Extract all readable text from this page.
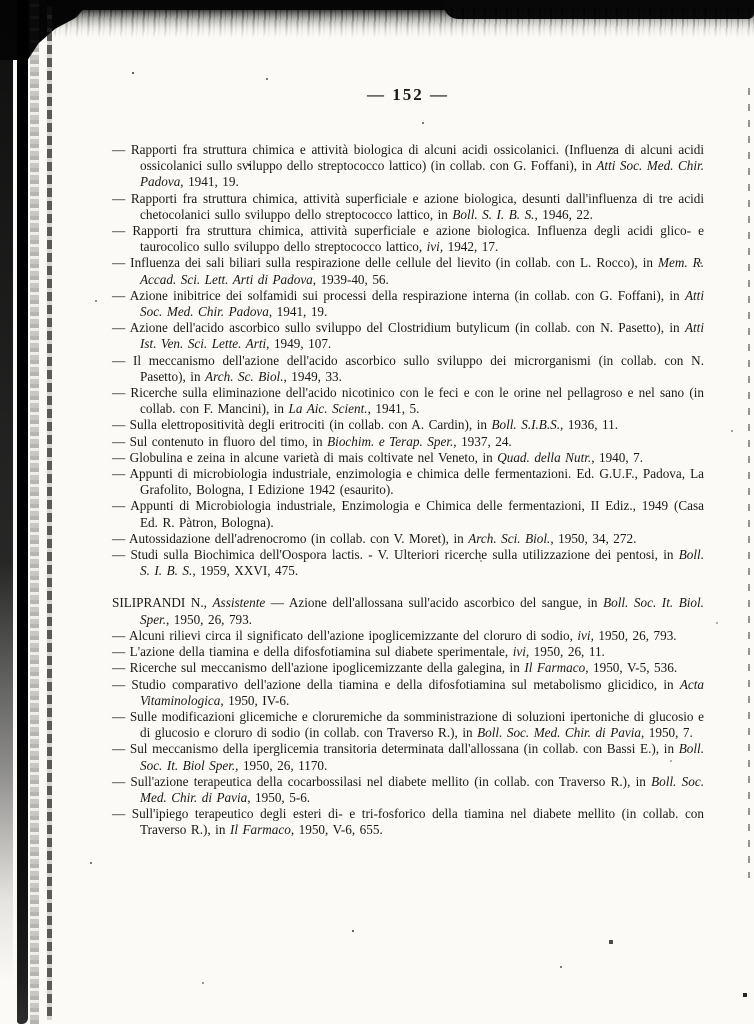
— 152 —

— Rapporti fra struttura chimica e attività biologica di alcuni acidi ossicolanici. (Influenza di alcuni acidi ossicolanici sullo sviluppo dello streptococco lattico) (in collab. con G. Foffani), in Atti Soc. Med. Chir. Padova, 1941, 19.

— Rapporti fra struttura chimica, attività superficiale e azione biologica, desunti dall'influenza di tre acidi chetocolanici sullo sviluppo dello streptococco lattico, in Boll. S. I. B. S., 1946, 22.

— Rapporti fra struttura chimica, attività superficiale e azione biologica. Influenza degli acidi glico- e taurocolico sullo sviluppo dello streptococco lattico, ivi, 1942, 17.

— Influenza dei sali biliari sulla respirazione delle cellule del lievito (in collab. con L. Rocco), in Mem. R. Accad. Sci. Lett. Arti di Padova, 1939-40, 56.

— Azione inibitrice dei solfamidi sui processi della respirazione interna (in collab. con G. Foffani), in Atti Soc. Med. Chir. Padova, 1941, 19.

— Azione dell'acido ascorbico sullo sviluppo del Clostridium butylicum (in collab. con N. Pasetto), in Atti Ist. Ven. Sci. Lette. Arti, 1949, 107.

— Il meccanismo dell'azione dell'acido ascorbico sullo sviluppo dei microrganismi (in collab. con N. Pasetto), in Arch. Sc. Biol., 1949, 33.

— Ricerche sulla eliminazione dell'acido nicotinico con le feci e con le orine nel pellagroso e nel sano (in collab. con F. Mancini), in La Aic. Scient., 1941, 5.

— Sulla elettropositività degli eritrociti (in collab. con A. Cardin), in Boll. S.I.B.S., 1936, 11.

— Sul contenuto in fluoro del timo, in Biochim. e Terap. Sper., 1937, 24.

— Globulina e zeina in alcune varietà di mais coltivate nel Veneto, in Quad. della Nutr., 1940, 7.

— Appunti di microbiologia industriale, enzimologia e chimica delle fermentazioni. Ed. G.U.F., Padova, La Grafolito, Bologna, I Edizione 1942 (esaurito).

— Appunti di Microbiologia industriale, Enzimologia e Chimica delle fermentazioni, II Ediz., 1949 (Casa Ed. R. Pàtron, Bologna).

— Autossidazione dell'adrenocromo (in collab. con V. Moret), in Arch. Sci. Biol., 1950, 34, 272.

— Studi sulla Biochimica dell'Oospora lactis. - V. Ulteriori ricerche sulla utilizzazione dei pentosi, in Boll. S. I. B. S., 1959, XXVI, 475.

SILIPRANDI N., Assistente — Azione dell'allossana sull'acido ascorbico del sangue, in Boll. Soc. It. Biol. Sper., 1950, 26, 793.

— Alcuni rilievi circa il significato dell'azione ipoglicemizzante del cloruro di sodio, ivi, 1950, 26, 793.

— L'azione della tiamina e della difosfotiamina sul diabete sperimentale, ivi, 1950, 26, 11.

— Ricerche sul meccanismo dell'azione ipoglicemizzante della galegina, in Il Farmaco, 1950, V-5, 536.

— Studio comparativo dell'azione della tiamina e della difosfotiamina sul metabolismo glicidico, in Acta Vitaminologica, 1950, IV-6.

— Sulle modificazioni glicemiche e cloruremiche da somministrazione di soluzioni ipertoniche di glucosio e di glucosio e cloruro di sodio (in collab. con Traverso R.), in Boll. Soc. Med. Chir. di Pavia, 1950, 7.

— Sul meccanismo della iperglicemia transitoria determinata dall'allossana (in collab. con Bassi E.), in Boll. Soc. It. Biol Sper., 1950, 26, 1170.

— Sull'azione terapeutica della cocarbossilasi nel diabete mellito (in collab. con Traverso R.), in Boll. Soc. Med. Chir. di Pavia, 1950, 5-6.

— Sull'ipiego terapeutico degli esteri di- e tri-fosforico della tiamina nel diabete mellito (in collab. con Traverso R.), in Il Farmaco, 1950, V-6, 655.
